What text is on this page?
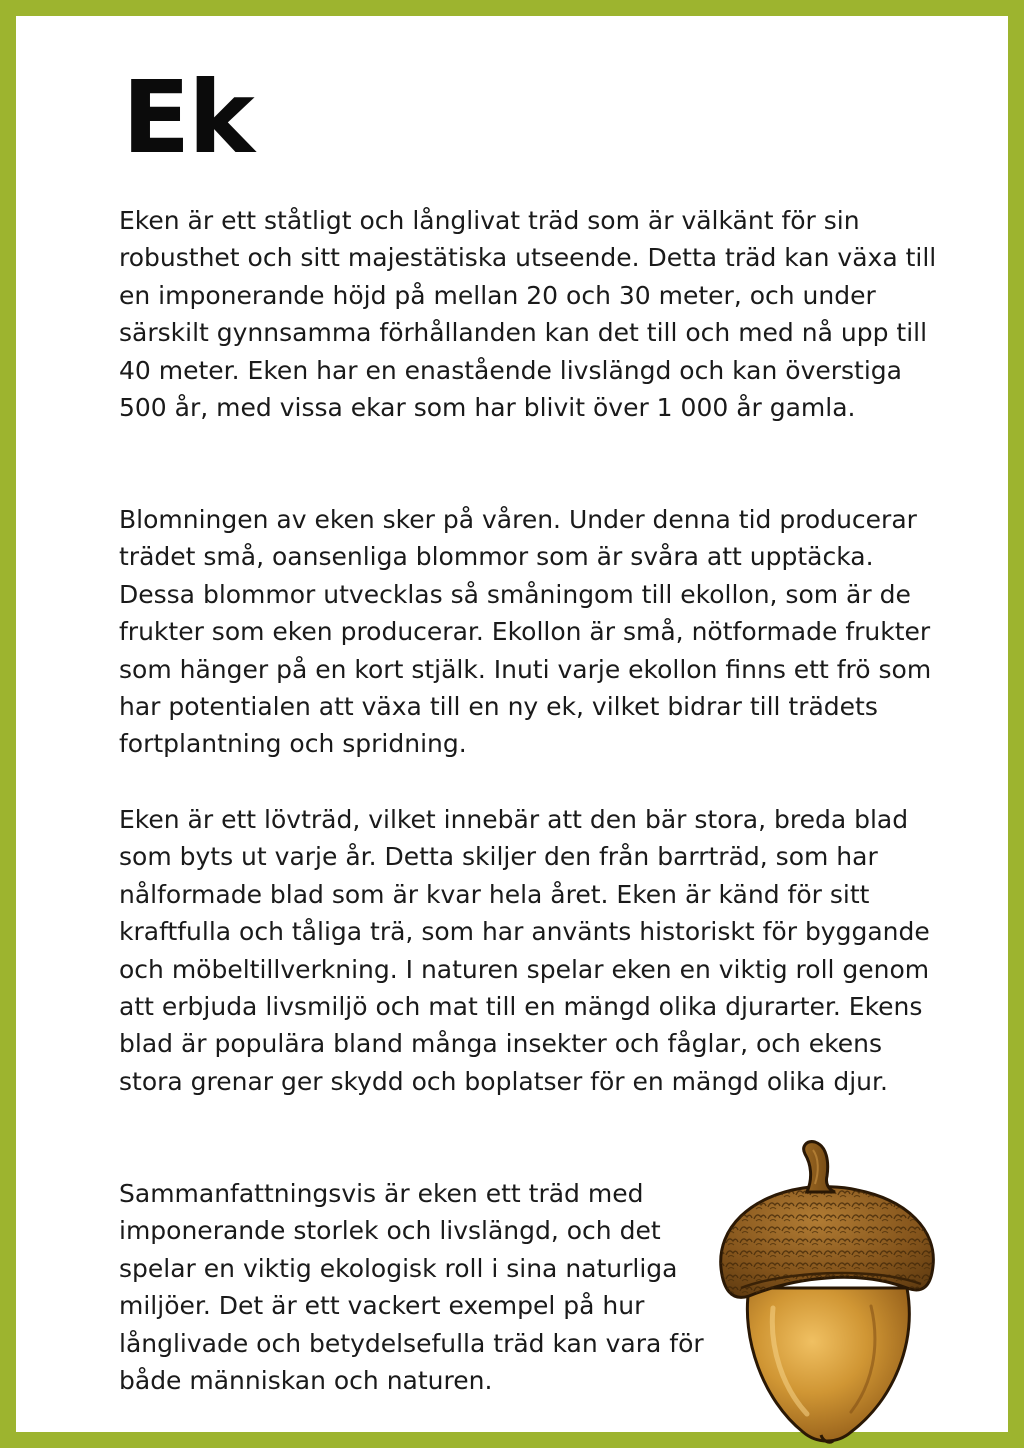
Ek

Eken är ett ståtligt och långlivat träd som är välkänt för sin robusthet och sitt majestätiska utseende. Detta träd kan växa till en imponerande höjd på mellan 20 och 30 meter, och under särskilt gynnsamma förhållanden kan det till och med nå upp till 40 meter. Eken har en enastående livslängd och kan överstiga 500 år, med vissa ekar som har blivit över 1 000 år gamla.

Blomningen av eken sker på våren. Under denna tid producerar trädet små, oansenliga blommor som är svåra att upptäcka. Dessa blommor utvecklas så småningom till ekollon, som är de frukter som eken producerar. Ekollon är små, nötformade frukter som hänger på en kort stjälk. Inuti varje ekollon finns ett frö som har potentialen att växa till en ny ek, vilket bidrar till trädets fortplantning och spridning.

Eken är ett lövträd, vilket innebär att den bär stora, breda blad som byts ut varje år. Detta skiljer den från barrträd, som har nålformade blad som är kvar hela året. Eken är känd för sitt kraftfulla och tåliga trä, som har använts historiskt för byggande och möbeltillverkning. I naturen spelar eken en viktig roll genom att erbjuda livsmiljö och mat till en mängd olika djurarter. Ekens blad är populära bland många insekter och fåglar, och ekens stora grenar ger skydd och boplatser för en mängd olika djur.

Sammanfattningsvis är eken ett träd med imponerande storlek och livslängd, och det spelar en viktig ekologisk roll i sina naturliga miljöer. Det är ett vackert exempel på hur långlivade och betydelsefulla träd kan vara för både människan och naturen.
